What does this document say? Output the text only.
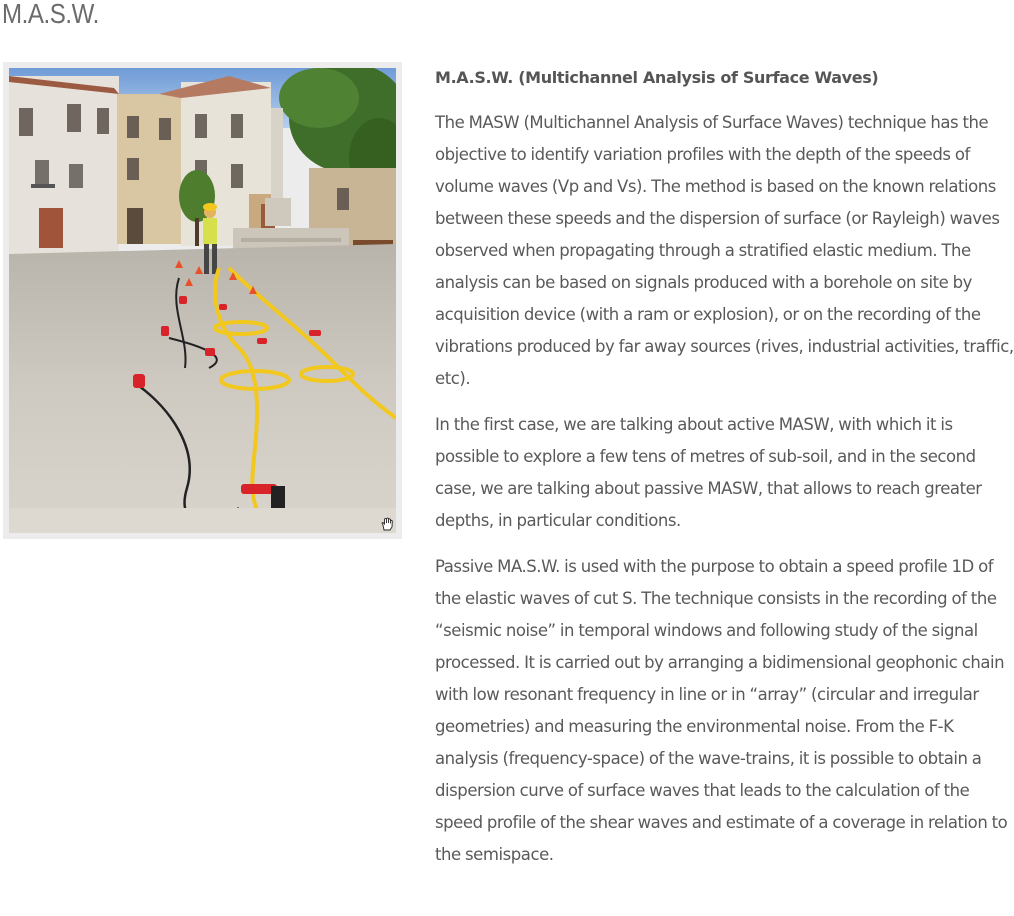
M.A.S.W.
M.A.S.W. (Multichannel Analysis of Surface Waves)

The MASW (Multichannel Analysis of Surface Waves) technique has the objective to identify variation profiles with the depth of the speeds of volume waves (Vp and Vs). The method is based on the known relations between these speeds and the dispersion of surface (or Rayleigh) waves observed when propagating through a stratified elastic medium. The analysis can be based on signals produced with a borehole on site by acquisition device (with a ram or explosion), or on the recording of the vibrations produced by far away sources (rives, industrial activities, traffic, etc).

In the first case, we are talking about active MASW, with which it is possible to explore a few tens of metres of sub-soil, and in the second case, we are talking about passive MASW, that allows to reach greater depths, in particular conditions.

Passive MA.S.W. is used with the purpose to obtain a speed profile 1D of the elastic waves of cut S. The technique consists in the recording of the “seismic noise” in temporal windows and following study of the signal processed. It is carried out by arranging a bidimensional geophonic chain with low resonant frequency in line or in “array” (circular and irregular geometries) and measuring the environmental noise. From the F-K analysis (frequency-space) of the wave-trains, it is possible to obtain a dispersion curve of surface waves that leads to the calculation of the speed profile of the shear waves and estimate of a coverage in relation to the semispace.
